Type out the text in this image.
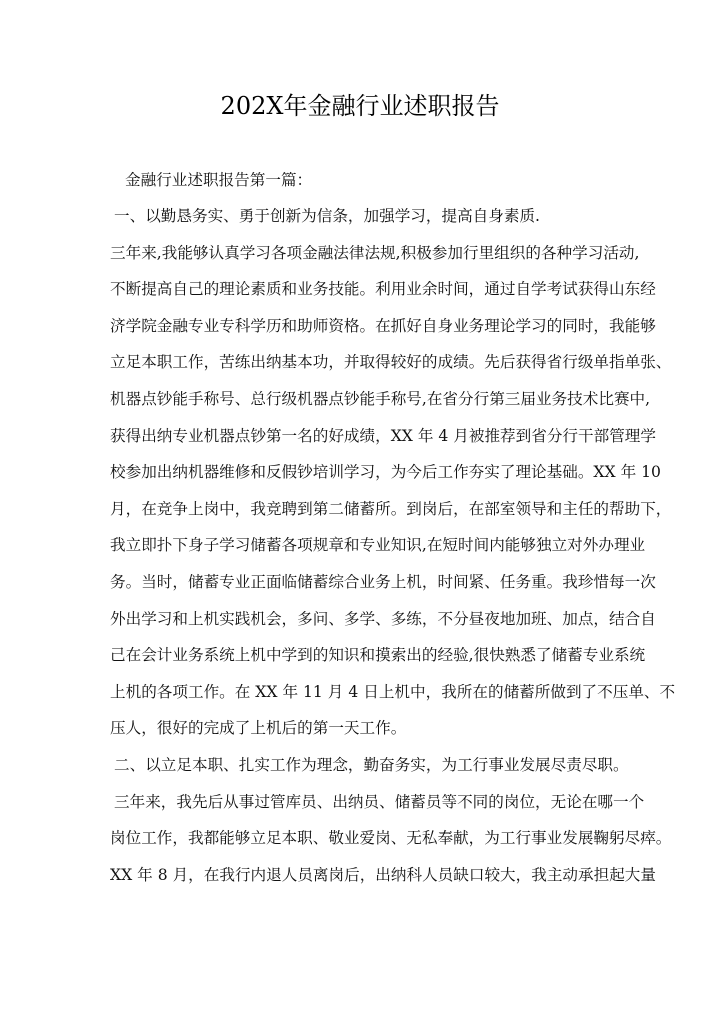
202X年金融行业述职报告
金融行业述职报告第一篇：
一、以勤恳务实、勇于创新为信条，加强学习，提高自身素质.
三年来,我能够认真学习各项金融法律法规,积极参加行里组织的各种学习活动,
不断提高自己的理论素质和业务技能。利用业余时间，通过自学考试获得山东经
济学院金融专业专科学历和助师资格。在抓好自身业务理论学习的同时，我能够
立足本职工作，苦练出纳基本功，并取得较好的成绩。先后获得省行级单指单张、
机器点钞能手称号、总行级机器点钞能手称号,在省分行第三届业务技术比赛中,
获得出纳专业机器点钞第一名的好成绩，XX 年 4 月被推荐到省分行干部管理学
校参加出纳机器维修和反假钞培训学习，为今后工作夯实了理论基础。XX 年 10
月，在竞争上岗中，我竞聘到第二储蓄所。到岗后，在部室领导和主任的帮助下，
我立即扑下身子学习储蓄各项规章和专业知识,在短时间内能够独立对外办理业
务。当时，储蓄专业正面临储蓄综合业务上机，时间紧、任务重。我珍惜每一次
外出学习和上机实践机会，多问、多学、多练，不分昼夜地加班、加点，结合自
己在会计业务系统上机中学到的知识和摸索出的经验,很快熟悉了储蓄专业系统
上机的各项工作。在 XX 年 11 月 4 日上机中，我所在的储蓄所做到了不压单、不
压人，很好的完成了上机后的第一天工作。
二、以立足本职、扎实工作为理念，勤奋务实，为工行事业发展尽责尽职。
三年来，我先后从事过管库员、出纳员、储蓄员等不同的岗位，无论在哪一个
岗位工作，我都能够立足本职、敬业爱岗、无私奉献，为工行事业发展鞠躬尽瘁。
XX 年 8 月，在我行内退人员离岗后，出纳科人员缺口较大，我主动承担起大量
